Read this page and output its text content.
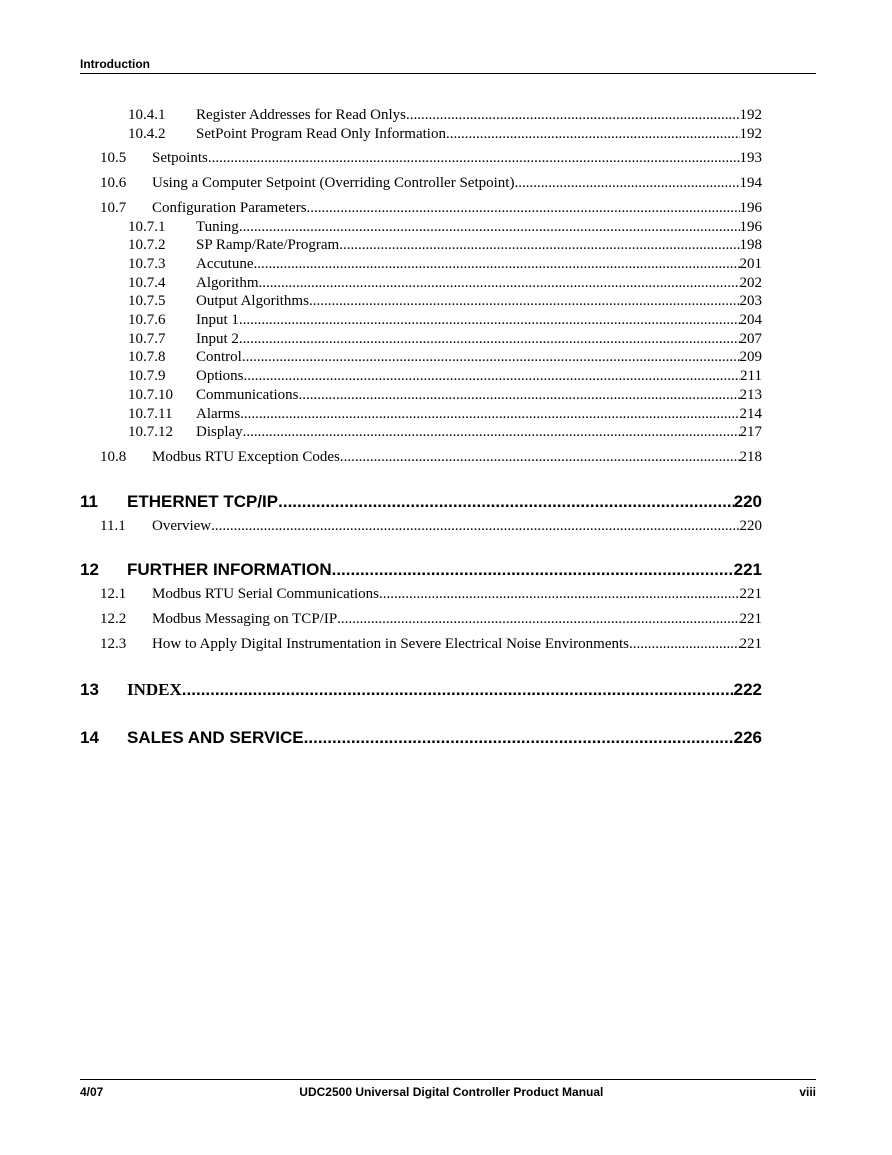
Introduction
10.4.1	Register Addresses for Read Onlys .....	192
10.4.2	SetPoint Program Read Only Information .....	192
10.5	Setpoints .....	193
10.6	Using a Computer Setpoint (Overriding Controller Setpoint) .....	194
10.7	Configuration Parameters .....	196
10.7.1	Tuning .....	196
10.7.2	SP Ramp/Rate/Program .....	198
10.7.3	Accutune .....	201
10.7.4	Algorithm .....	202
10.7.5	Output Algorithms .....	203
10.7.6	Input 1 .....	204
10.7.7	Input 2 .....	207
10.7.8	Control .....	209
10.7.9	Options .....	211
10.7.10	Communications .....	213
10.7.11	Alarms .....	214
10.7.12	Display .....	217
10.8	Modbus RTU Exception Codes .....	218
11	ETHERNET TCP/IP .....	220
11.1	Overview .....	220
12	FURTHER INFORMATION .....	221
12.1	Modbus RTU Serial Communications .....	221
12.2	Modbus Messaging on TCP/IP .....	221
12.3	How to Apply Digital Instrumentation in Severe Electrical Noise Environments .....	221
13	INDEX .....	222
14	SALES AND SERVICE .....	226
4/07	UDC2500 Universal Digital Controller Product Manual	viii
